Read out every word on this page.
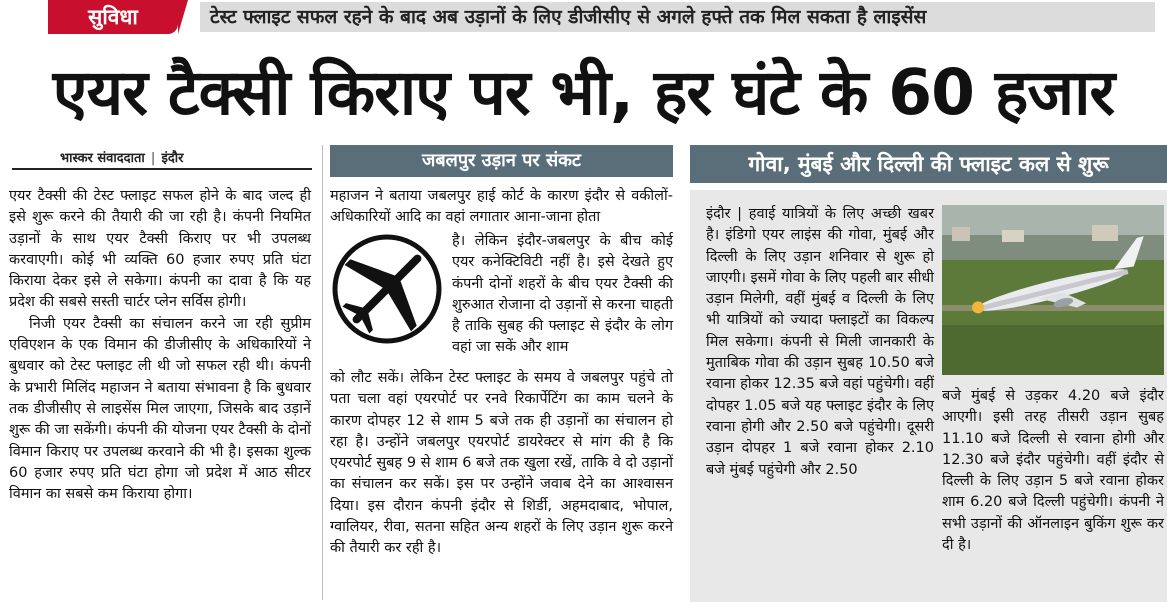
सुविधा	टेस्ट फ्लाइट सफल रहने के बाद अब उड़ानों के लिए डीजीसीए से अगले हफ्ते तक मिल सकता है लाइसेंस
एयर टैक्सी किराए पर भी, हर घंटे के 60 हजार
भास्कर संवाददाता | इंदौर

एयर टैक्सी की टेस्ट फ्लाइट सफल होने के बाद जल्द ही इसे शुरू करने की तैयारी की जा रही है। कंपनी नियमित उड़ानों के साथ एयर टैक्सी किराए पर भी उपलब्ध करवाएगी। कोई भी व्यक्ति 60 हजार रुपए प्रति घंटा किराया देकर इसे ले सकेगा। कंपनी का दावा है कि यह प्रदेश की सबसे सस्ती चार्टर प्लेन सर्विस होगी।

निजी एयर टैक्सी का संचालन करने जा रही सुप्रीम एविएशन के एक विमान की डीजीसीए के अधिकारियों ने बुधवार को टेस्ट फ्लाइट ली थी जो सफल रही थी। कंपनी के प्रभारी मिलिंद महाजन ने बताया संभावना है कि बुधवार तक डीजीसीए से लाइसेंस मिल जाएगा, जिसके बाद उड़ानें शुरू की जा सकेंगी। कंपनी की योजना एयर टैक्सी के दोनों विमान किराए पर उपलब्ध करवाने की भी है। इसका शुल्क 60 हजार रुपए प्रति घंटा होगा जो प्रदेश में आठ सीटर विमान का सबसे कम किराया होगा।

जबलपुर उड़ान पर संकट
महाजन ने बताया जबलपुर हाई कोर्ट के कारण इंदौर से वकीलों-अधिकारियों आदि का वहां लगातार आना-जाना होता
है। लेकिन इंदौर-जबलपुर के बीच कोई एयर कनेक्टिविटी नहीं है। इसे देखते हुए कंपनी दोनों शहरों के बीच एयर टैक्सी की शुरुआत रोजाना दो उड़ानों से करना चाहती है ताकि सुबह की फ्लाइट से इंदौर के लोग वहां जा सकें और शाम
को लौट सकें। लेकिन टेस्ट फ्लाइट के समय वे जबलपुर पहुंचे तो पता चला वहां एयरपोर्ट पर रनवे रिकार्पेटिंग का काम चलने के कारण दोपहर 12 से शाम 5 बजे तक ही उड़ानों का संचालन हो रहा है। उन्होंने जबलपुर एयरपोर्ट डायरेक्टर से मांग की है कि एयरपोर्ट सुबह 9 से शाम 6 बजे तक खुला रखें, ताकि वे दो उड़ानों का संचालन कर सकें। इस पर उन्होंने जवाब देने का आश्वासन दिया। इस दौरान कंपनी इंदौर से शिर्डी, अहमदाबाद, भोपाल, ग्वालियर, रीवा, सतना सहित अन्य शहरों के लिए उड़ान शुरू करने की तैयारी कर रही है।
गोवा, मुंबई और दिल्ली की फ्लाइट कल से शुरू
इंदौर | हवाई यात्रियों के लिए अच्छी खबर है। इंडिगो एयर लाइंस की गोवा, मुंबई और दिल्ली के लिए उड़ान शनिवार से शुरू हो जाएगी। इसमें गोवा के लिए पहली बार सीधी उड़ान मिलेगी, वहीं मुंबई व दिल्ली के लिए भी यात्रियों को ज्यादा फ्लाइटों का विकल्प मिल सकेगा। कंपनी से मिली जानकारी के मुताबिक गोवा की उड़ान सुबह 10.50 बजे रवाना होकर 12.35 बजे वहां पहुंचेगी। वहीं दोपहर 1.05 बजे यह फ्लाइट इंदौर के लिए रवाना होगी और 2.50 बजे पहुंचेगी। दूसरी उड़ान दोपहर 1 बजे रवाना होकर 2.10 बजे मुंबई पहुंचेगी और 2.50
बजे मुंबई से उड़कर 4.20 बजे इंदौर आएगी। इसी तरह तीसरी उड़ान सुबह 11.10 बजे दिल्ली से रवाना होगी और 12.30 बजे इंदौर पहुंचेगी। वहीं इंदौर से दिल्ली के लिए उड़ान 5 बजे रवाना होकर शाम 6.20 बजे दिल्ली पहुंचेगी। कंपनी ने सभी उड़ानों की ऑनलाइन बुकिंग शुरू कर दी है।
